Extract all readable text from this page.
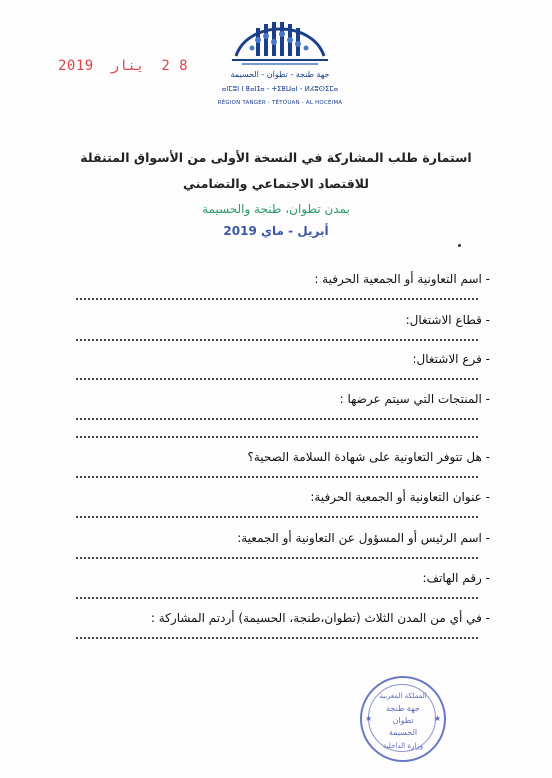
جهة طنجة - تطوان - الحسيمة
ⴰⵏⵎⵓⵏ ⵏ ⵟⴰⵏⵊⴰ - ⵜⵉⵟⵡⴰⵏ - ⵍⵃⵓⵙⵉⵎⴰ
RÉGION TANGER - TÉTOUAN - AL HOCEIMA
2019 ينار 2 8
استمارة طلب المشاركة في النسخة الأولى من الأسواق المتنقلة
للاقتصاد الاجتماعي والتضامني
بمدن تطوان، طنجة والحسيمة
أبريل - ماي 2019
- اسم التعاونية أو الجمعية الحرفية :
- قطاع الاشتغال:
- فرع الاشتغال:
- المنتجات التي سيتم عرضها :
- هل تتوفر التعاونية على شهادة السلامة الصحية؟
- عنوان التعاونية أو الجمعية الحرفية:
- اسم الرئيس أو المسؤول عن التعاونية أو الجمعية:
- رقم الهاتف:
- في أي من المدن الثلاث (تطوان،طنجة، الحسيمة) أردتم المشاركة :
المملكة المغربية
جهة طنجة
تطوان
الحسيمة
وزارة الداخلية
★	★
